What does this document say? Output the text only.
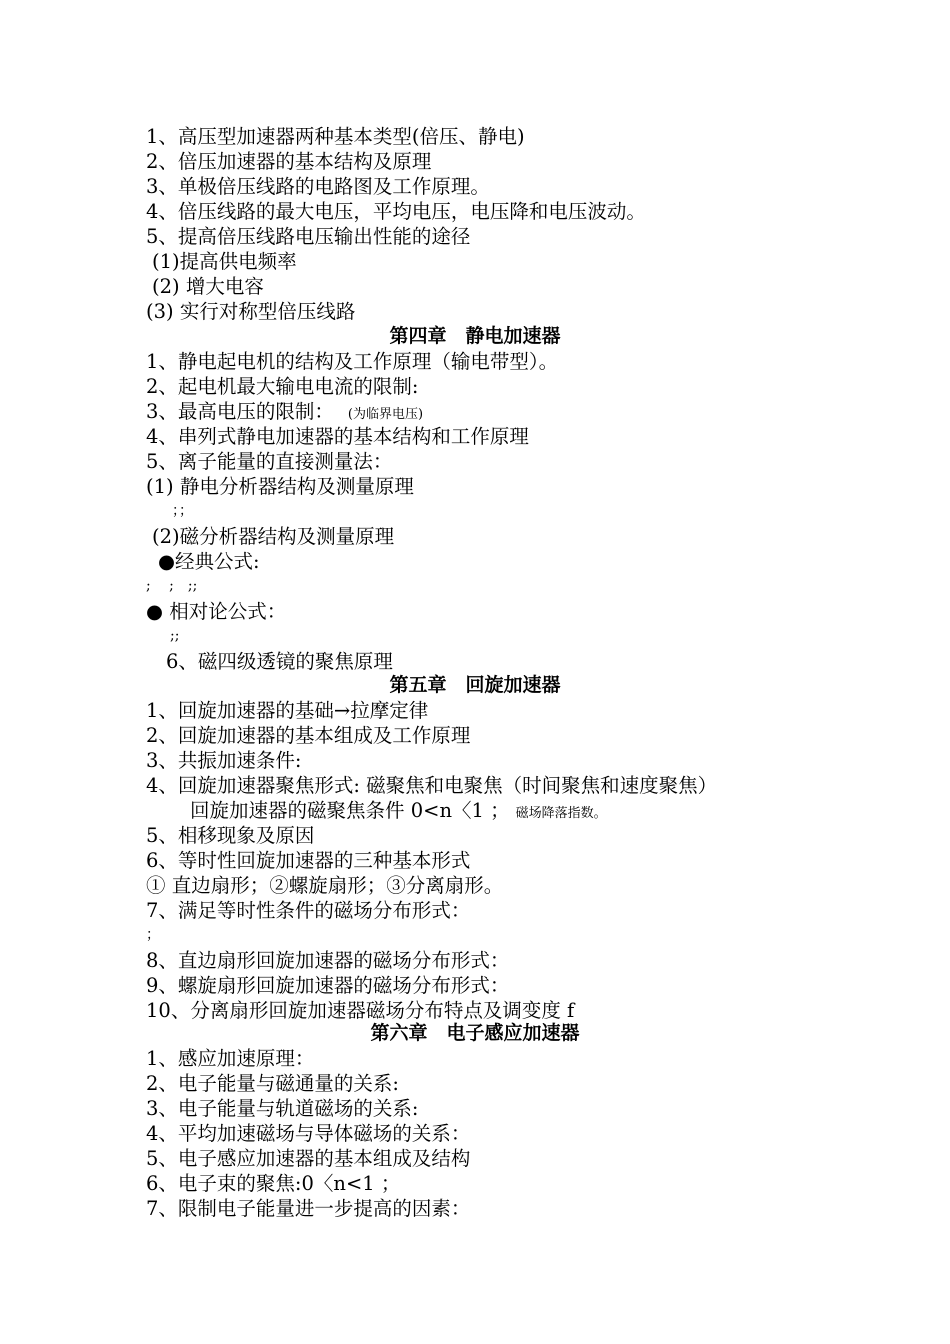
1、高压型加速器两种基本类型(倍压、静电)
2、倍压加速器的基本结构及原理
3、单极倍压线路的电路图及工作原理。
4、倍压线路的最大电压，平均电压，电压降和电压波动。
5、提高倍压线路电压输出性能的途径
(1)提高供电频率
(2) 增大电容
(3) 实行对称型倍压线路
第四章　静电加速器
1、静电起电机的结构及工作原理（输电带型）。
2、起电机最大输电电流的限制:
3、最高电压的限制： (为临界电压)
4、串列式静电加速器的基本结构和工作原理
5、离子能量的直接测量法：
(1) 静电分析器结构及测量原理
；；
(2)磁分析器结构及测量原理
●经典公式:
;　 ;　;;
● 相对论公式：
;;
6、磁四级透镜的聚焦原理
第五章　回旋加速器
1、回旋加速器的基础→拉摩定律
2、回旋加速器的基本组成及工作原理
3、共振加速条件:
4、回旋加速器聚焦形式: 磁聚焦和电聚焦（时间聚焦和速度聚焦）
回旋加速器的磁聚焦条件 0<n〈1 ； 磁场降落指数。
5、相移现象及原因
6、等时性回旋加速器的三种基本形式
① 直边扇形；②螺旋扇形；③分离扇形。
7、满足等时性条件的磁场分布形式：
；
8、直边扇形回旋加速器的磁场分布形式：
9、螺旋扇形回旋加速器的磁场分布形式：
10、分离扇形回旋加速器磁场分布特点及调变度 f
第六章　电子感应加速器
1、感应加速原理：
2、电子能量与磁通量的关系:
3、电子能量与轨道磁场的关系:
4、平均加速磁场与导体磁场的关系：
5、电子感应加速器的基本组成及结构
6、电子束的聚焦:0〈n<1 ；
7、限制电子能量进一步提高的因素：
